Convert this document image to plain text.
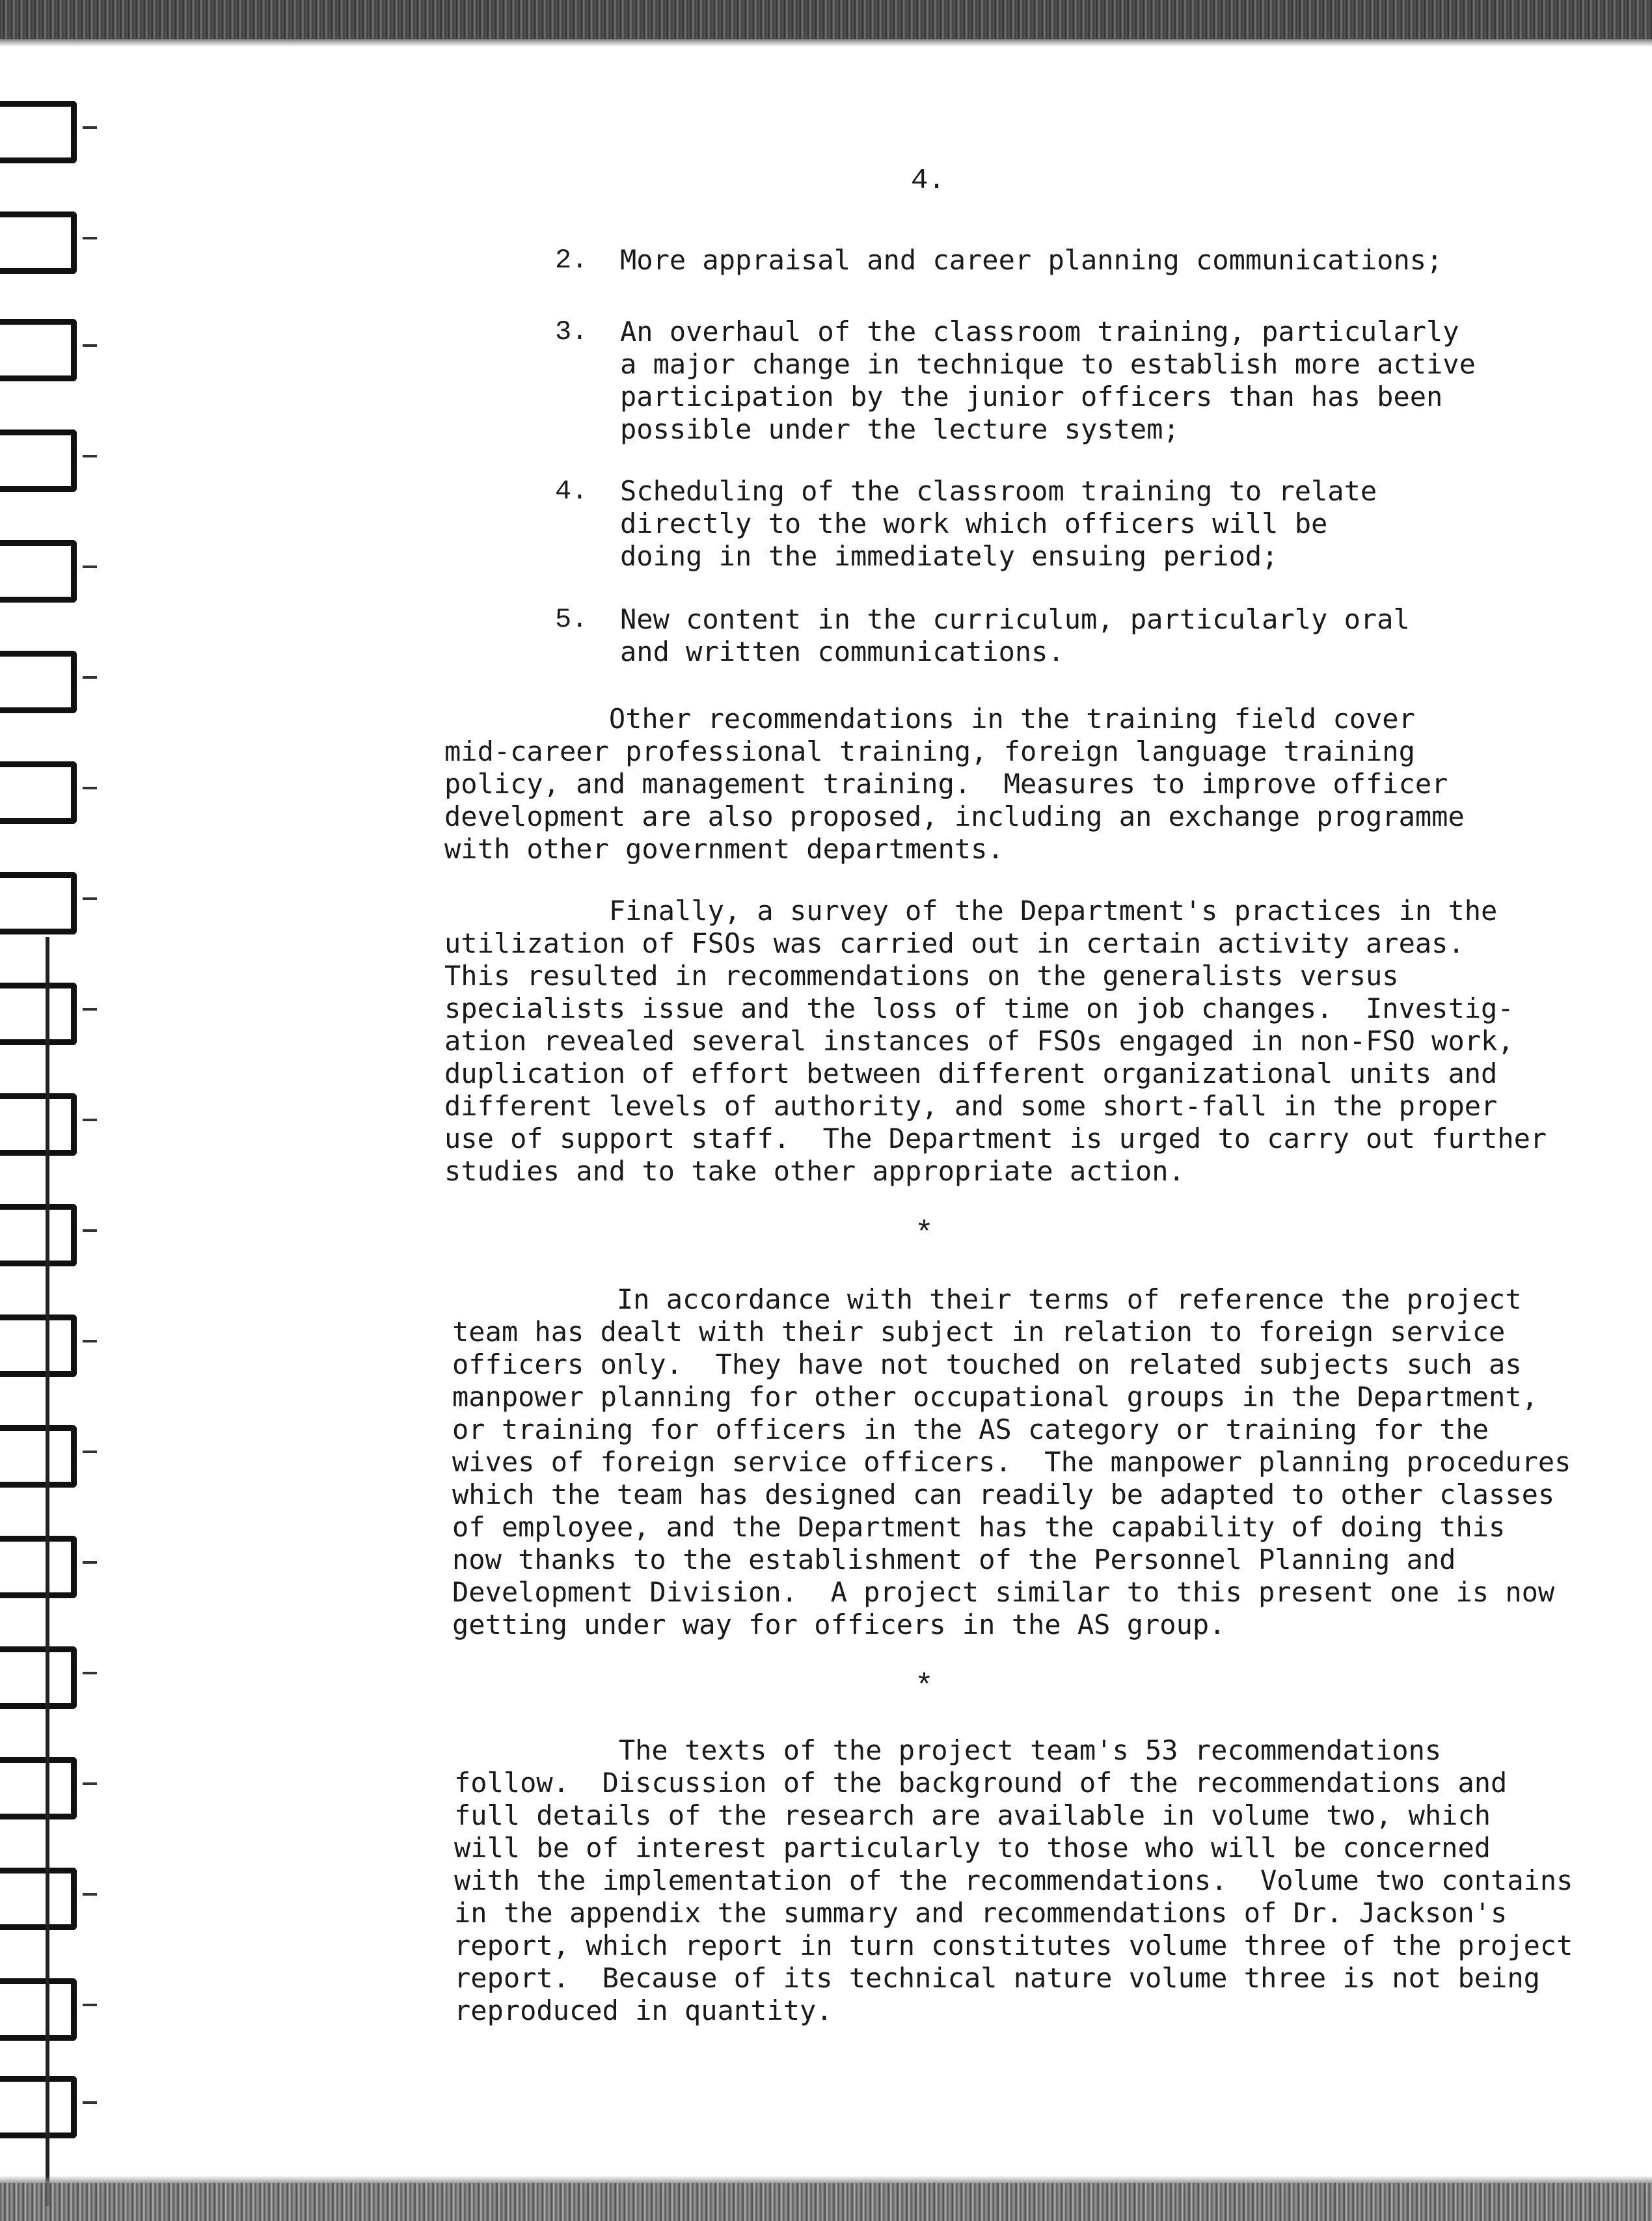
4.
2. More appraisal and career planning communications;
3. An overhaul of the classroom training, particularly
a major change in technique to establish more active
participation by the junior officers than has been
possible under the lecture system;
4. Scheduling of the classroom training to relate
directly to the work which officers will be
doing in the immediately ensuing period;
5. New content in the curriculum, particularly oral
and written communications.
Other recommendations in the training field cover
mid-career professional training, foreign language training
policy, and management training.  Measures to improve officer
development are also proposed, including an exchange programme
with other government departments.
Finally, a survey of the Department's practices in the
utilization of FSOs was carried out in certain activity areas.
This resulted in recommendations on the generalists versus
specialists issue and the loss of time on job changes.  Investig-
ation revealed several instances of FSOs engaged in non-FSO work,
duplication of effort between different organizational units and
different levels of authority, and some short-fall in the proper
use of support staff.  The Department is urged to carry out further
studies and to take other appropriate action.
*
In accordance with their terms of reference the project
team has dealt with their subject in relation to foreign service
officers only.  They have not touched on related subjects such as
manpower planning for other occupational groups in the Department,
or training for officers in the AS category or training for the
wives of foreign service officers.  The manpower planning procedures
which the team has designed can readily be adapted to other classes
of employee, and the Department has the capability of doing this
now thanks to the establishment of the Personnel Planning and
Development Division.  A project similar to this present one is now
getting under way for officers in the AS group.
*
The texts of the project team's 53 recommendations
follow.  Discussion of the background of the recommendations and
full details of the research are available in volume two, which
will be of interest particularly to those who will be concerned
with the implementation of the recommendations.  Volume two contains
in the appendix the summary and recommendations of Dr. Jackson's
report, which report in turn constitutes volume three of the project
report.  Because of its technical nature volume three is not being
reproduced in quantity.
